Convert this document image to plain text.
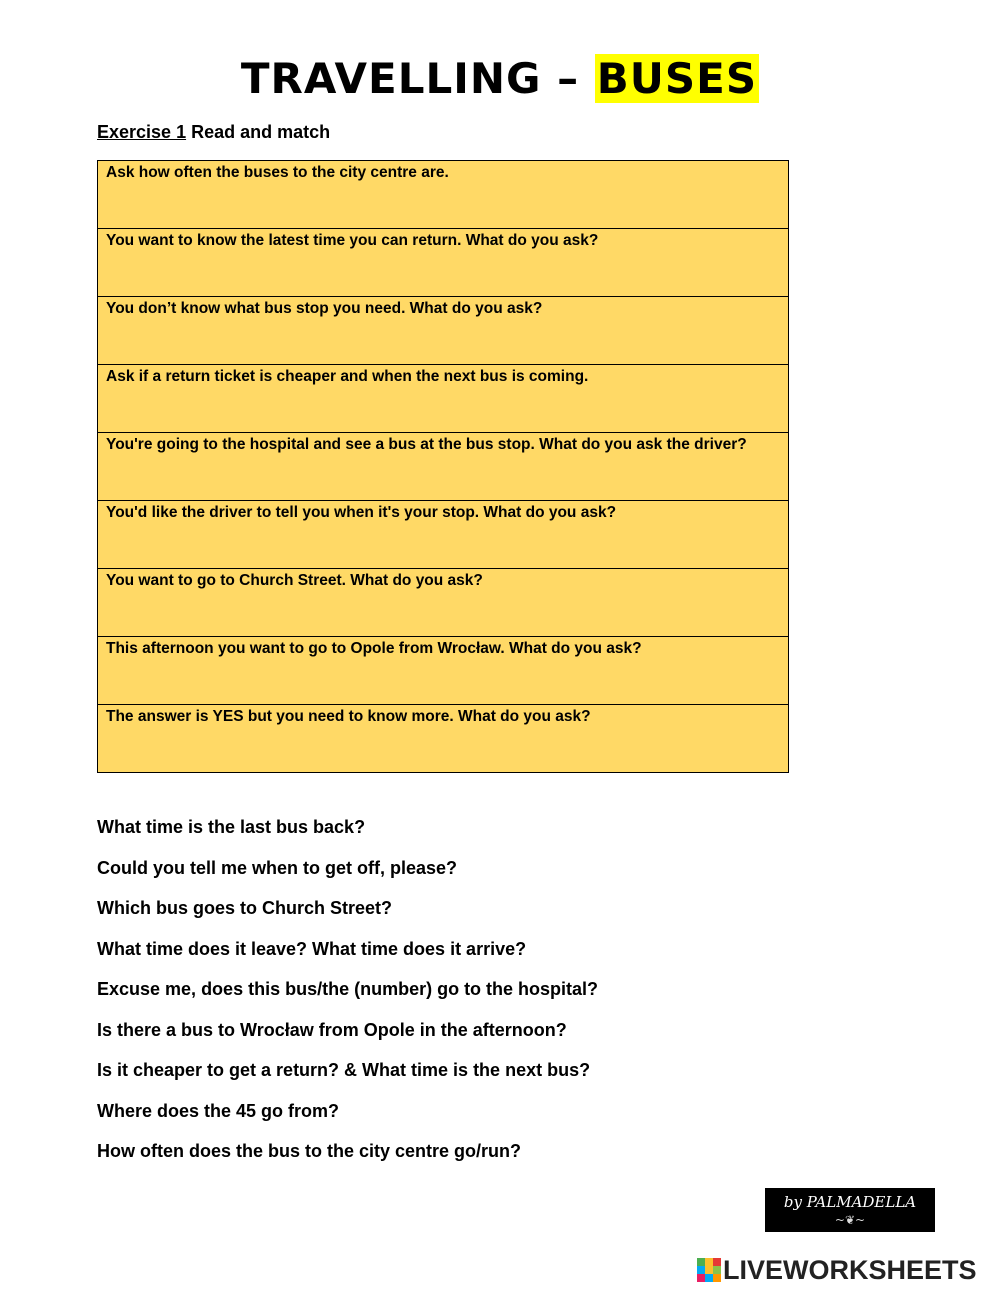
TRAVELLING – BUSES
Exercise 1 Read and match
Ask how often the buses to the city centre are.
You want to know the latest time you can return. What do you ask?
You don’t know what bus stop you need. What do you ask?
Ask if a return ticket is cheaper and when the next bus is coming.
You're going to the hospital and see a bus at the bus stop. What do you ask the driver?
You'd like the driver to tell you when it's your stop. What do you ask?
You want to go to Church Street. What do you ask?
This afternoon you want to go to Opole from Wrocław. What do you ask?
The answer is YES but you need to know more. What do you ask?
What time is the last bus back?
Could you tell me when to get off, please?
Which bus goes to Church Street?
What time does it leave? What time does it arrive?
Excuse me, does this bus/the (number) go to the hospital?
Is there a bus to Wrocław from Opole in the afternoon?
Is it cheaper to get a return? & What time is the next bus?
Where does the 45 go from?
How often does the bus to the city centre go/run?
by PALMADELLA
~❦~
LIVEWORKSHEETS
